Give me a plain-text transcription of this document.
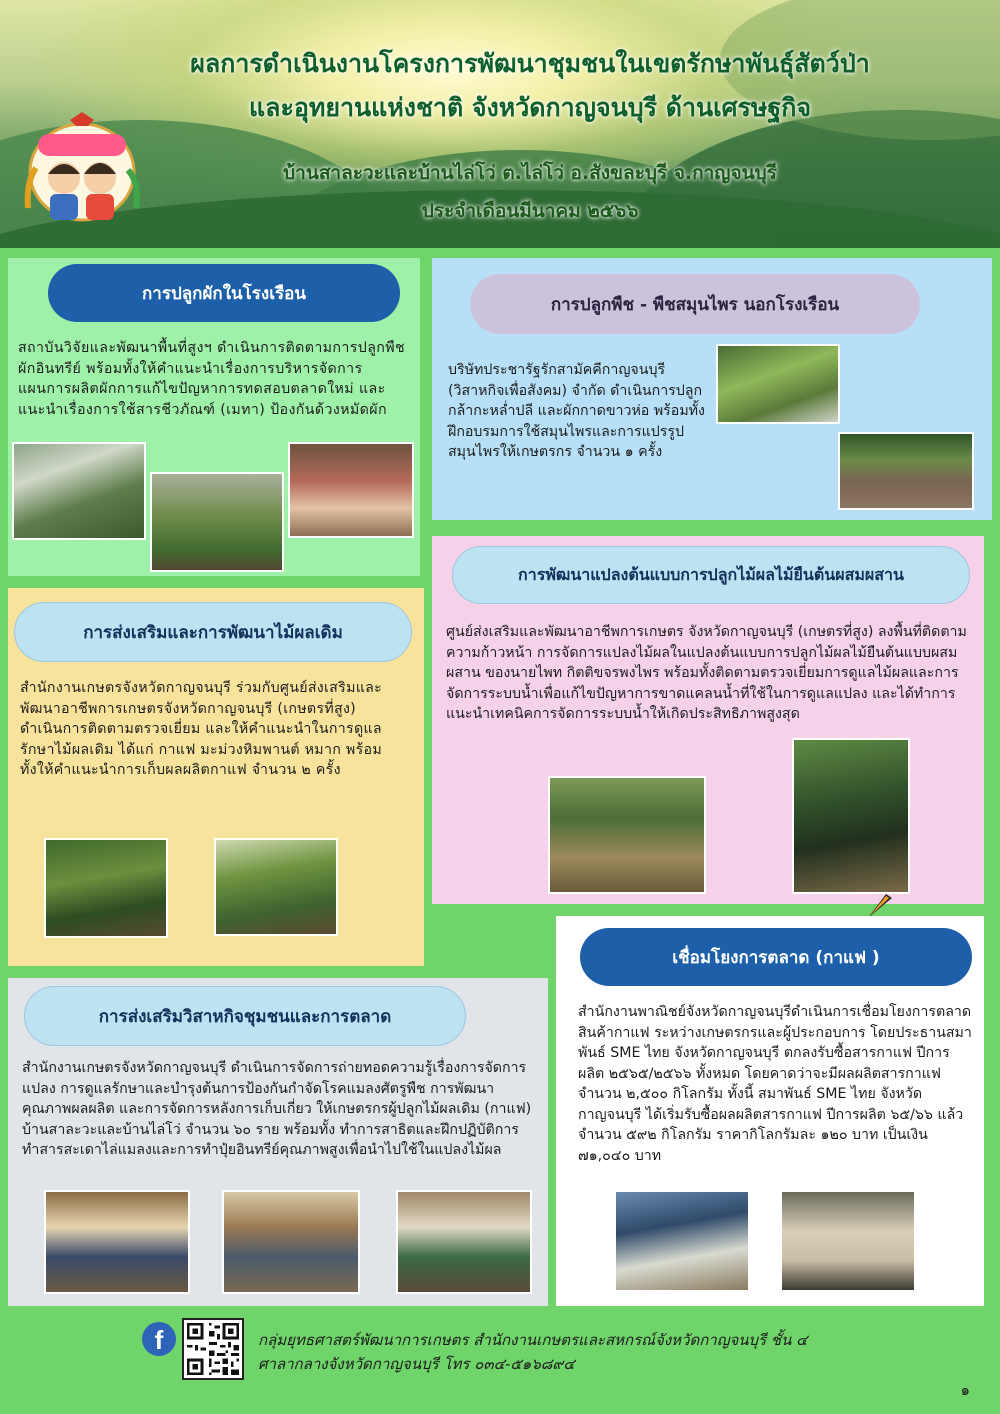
ผลการดำเนินงานโครงการพัฒนาชุมชนในเขตรักษาพันธุ์สัตว์ป่า
และอุทยานแห่งชาติ จังหวัดกาญจนบุรี ด้านเศรษฐกิจ
บ้านสาละวะและบ้านไล่โว่ ต.ไล่โว่ อ.สังขละบุรี จ.กาญจนบุรี
ประจำเดือนมีนาคม ๒๕๖๖
การปลูกผักในโรงเรือน
สถาบันวิจัยและพัฒนาพื้นที่สูงฯ ดำเนินการติดตามการปลูกพืชผักอินทรีย์ พร้อมทั้งให้คำแนะนำเรื่องการบริหารจัดการแผนการผลิตผักการแก้ไขปัญหาการทดสอบตลาดใหม่ และแนะนำเรื่องการใช้สารชีวภัณฑ์ (เมทา) ป้องกันด้วงหมัดผัก
การปลูกพืช - พืชสมุนไพร นอกโรงเรือน
บริษัทประชารัฐรักสามัคคีกาญจนบุรี (วิสาหกิจเพื่อสังคม) จำกัด ดำเนินการปลูกกล้ากะหล่ำปลี และผักกาดขาวห่อ พร้อมทั้งฝึกอบรมการใช้สมุนไพรและการแปรรูปสมุนไพรให้เกษตรกร จำนวน ๑ ครั้ง
การส่งเสริมและการพัฒนาไม้ผลเดิม
สำนักงานเกษตรจังหวัดกาญจนบุรี ร่วมกับศูนย์ส่งเสริมและพัฒนาอาชีพการเกษตรจังหวัดกาญจนบุรี (เกษตรที่สูง) ดำเนินการติดตามตรวจเยี่ยม และให้คำแนะนำในการดูแลรักษาไม้ผลเดิม ได้แก่ กาแฟ มะม่วงหิมพานต์ หมาก พร้อมทั้งให้คำแนะนำการเก็บผลผลิตกาแฟ จำนวน ๒ ครั้ง
การพัฒนาแปลงต้นแบบการปลูกไม้ผลไม้ยืนต้นผสมผสาน
ศูนย์ส่งเสริมและพัฒนาอาชีพการเกษตร จังหวัดกาญจนบุรี (เกษตรที่สูง) ลงพื้นที่ติดตามความก้าวหน้า การจัดการแปลงไม้ผลในแปลงต้นแบบการปลูกไม้ผลไม้ยืนต้นแบบผสมผสาน ของนายไพท กิตติขจรพงไพร พร้อมทั้งติดตามตรวจเยี่ยมการดูแลไม้ผลและการจัดการระบบน้ำเพื่อแก้ไขปัญหาการขาดแคลนน้ำที่ใช้ในการดูแลแปลง และได้ทำการแนะนำเทคนิคการจัดการระบบน้ำให้เกิดประสิทธิภาพสูงสุด
เชื่อมโยงการตลาด (กาแฟ )
สำนักงานพาณิชย์จังหวัดกาญจนบุรีดำเนินการเชื่อมโยงการตลาดสินค้ากาแฟ ระหว่างเกษตรกรและผู้ประกอบการ โดยประธานสมาพันธ์ SME ไทย จังหวัดกาญจนบุรี ตกลงรับซื้อสารกาแฟ ปีการผลิต ๒๕๖๕/๒๕๖๖ ทั้งหมด โดยคาดว่าจะมีผลผลิตสารกาแฟ จำนวน ๒,๕๐๐ กิโลกรัม ทั้งนี้ สมาพันธ์ SME ไทย จังหวัดกาญจนบุรี ได้เริ่มรับซื้อผลผลิตสารกาแฟ ปีการผลิต ๖๕/๖๖ แล้วจำนวน ๕๙๒ กิโลกรัม ราคากิโลกรัมละ ๑๒๐ บาท เป็นเงิน ๗๑,๐๔๐ บาท
การส่งเสริมวิสาหกิจชุมชนและการตลาด
สำนักงานเกษตรจังหวัดกาญจนบุรี ดำเนินการจัดการถ่ายทอดความรู้เรื่องการจัดการแปลง การดูแลรักษาและบำรุงต้นการป้องกันกำจัดโรคแมลงศัตรูพืช การพัฒนาคุณภาพผลผลิต และการจัดการหลังการเก็บเกี่ยว ให้เกษตรกรผู้ปลูกไม้ผลเดิม (กาแฟ) บ้านสาละวะและบ้านไล่โว่ จำนวน ๖๐ ราย พร้อมทั้ง ทำการสาธิตและฝึกปฏิบัติการทำสารสะเดาไล่แมลงและการทำปุ๋ยอินทรีย์คุณภาพสูงเพื่อนำไปใช้ในแปลงไม้ผล
f	กลุ่มยุทธศาสตร์พัฒนาการเกษตร สำนักงานเกษตรและสหกรณ์จังหวัดกาญจนบุรี ชั้น ๔
ศาลากลางจังหวัดกาญจนบุรี โทร ๐๓๔-๕๑๖๘๙๔
๑
